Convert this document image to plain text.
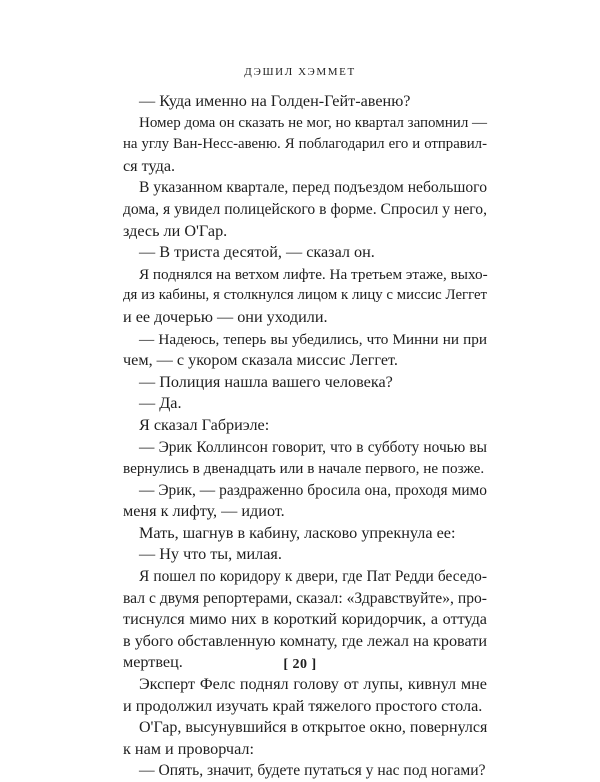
ДЭШИЛ ХЭММЕТ
— Куда именно на Голден-Гейт-авеню?
Номер дома он сказать не мог, но квартал запомнил —
на углу Ван-Несс-авеню. Я поблагодарил его и отправил-
ся туда.
В указанном квартале, перед подъездом небольшого
дома, я увидел полицейского в форме. Спросил у него,
здесь ли О'Гар.
— В триста десятой, — сказал он.
Я поднялся на ветхом лифте. На третьем этаже, выхо-
дя из кабины, я столкнулся лицом к лицу с миссис Леггет
и ее дочерью — они уходили.
— Надеюсь, теперь вы убедились, что Минни ни при
чем, — с укором сказала миссис Леггет.
— Полиция нашла вашего человека?
— Да.
Я сказал Габриэле:
— Эрик Коллинсон говорит, что в субботу ночью вы
вернулись в двенадцать или в начале первого, не позже.
— Эрик, — раздраженно бросила она, проходя мимо
меня к лифту, — идиот.
Мать, шагнув в кабину, ласково упрекнула ее:
— Ну что ты, милая.
Я пошел по коридору к двери, где Пат Редди беседо-
вал с двумя репортерами, сказал: «Здравствуйте», про-
тиснулся мимо них в короткий коридорчик, а оттуда
в убого обставленную комнату, где лежал на кровати
мертвец.
Эксперт Фелс поднял голову от лупы, кивнул мне
и продолжил изучать край тяжелого простого стола.
О'Гар, высунувшийся в открытое окно, повернулся
к нам и проворчал:
— Опять, значит, будете путаться у нас под ногами?
[ 20 ]
